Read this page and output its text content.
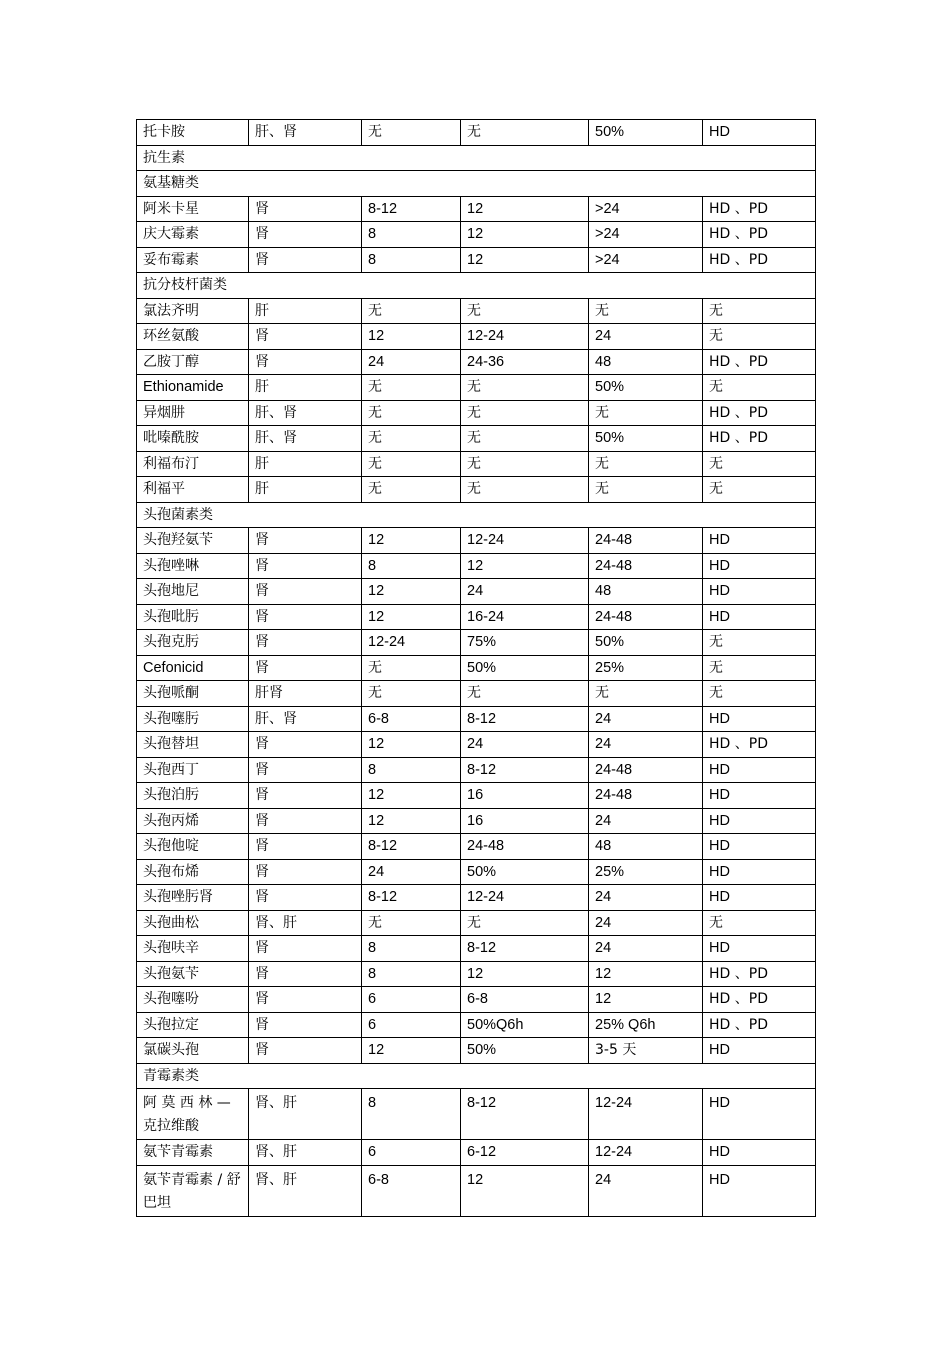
托卡胺	肝、肾	无	无	50%	HD
抗生素					
氨基糖类					
阿米卡星	肾	8-12	12	>24	HD 、PD
庆大霉素	肾	8	12	>24	HD 、PD
妥布霉素	肾	8	12	>24	HD 、PD
抗分枝杆菌类					
氯法齐明	肝	无	无	无	无
环丝氨酸	肾	12	12-24	24	无
乙胺丁醇	肾	24	24-36	48	HD 、PD
Ethionamide	肝	无	无	50%	无
异烟肼	肝、肾	无	无	无	HD 、PD
吡嗪酰胺	肝、肾	无	无	50%	HD 、PD
利福布汀	肝	无	无	无	无
利福平	肝	无	无	无	无
头孢菌素类					
头孢羟氨苄	肾	12	12-24	24-48	HD
头孢唑啉	肾	8	12	24-48	HD
头孢地尼	肾	12	24	48	HD
头孢吡肟	肾	12	16-24	24-48	HD
头孢克肟	肾	12-24	75%	50%	无
Cefonicid	肾	无	50%	25%	无
头孢哌酮	肝肾	无	无	无	无
头孢噻肟	肝、肾	6-8	8-12	24	HD
头孢替坦	肾	12	24	24	HD 、PD
头孢西丁	肾	8	8-12	24-48	HD
头孢泊肟	肾	12	16	24-48	HD
头孢丙烯	肾	12	16	24	HD
头孢他啶	肾	8-12	24-48	48	HD
头孢布烯	肾	24	50%	25%	HD
头孢唑肟肾	肾	8-12	12-24	24	HD
头孢曲松	肾、肝	无	无	24	无
头孢呋辛	肾	8	8-12	24	HD
头孢氨苄	肾	8	12	12	HD 、PD
头孢噻吩	肾	6	6-8	12	HD 、PD
头孢拉定	肾	6	50%Q6h	25% Q6h	HD 、PD
氯碳头孢	肾	12	50%	3-5 天	HD
青霉素类					
阿 莫 西 林 — 克拉维酸	肾、肝	8	8-12	12-24	HD
氨苄青霉素	肾、肝	6	6-12	12-24	HD
氨苄青霉素 / 舒巴坦	肾、肝	6-8	12	24	HD
